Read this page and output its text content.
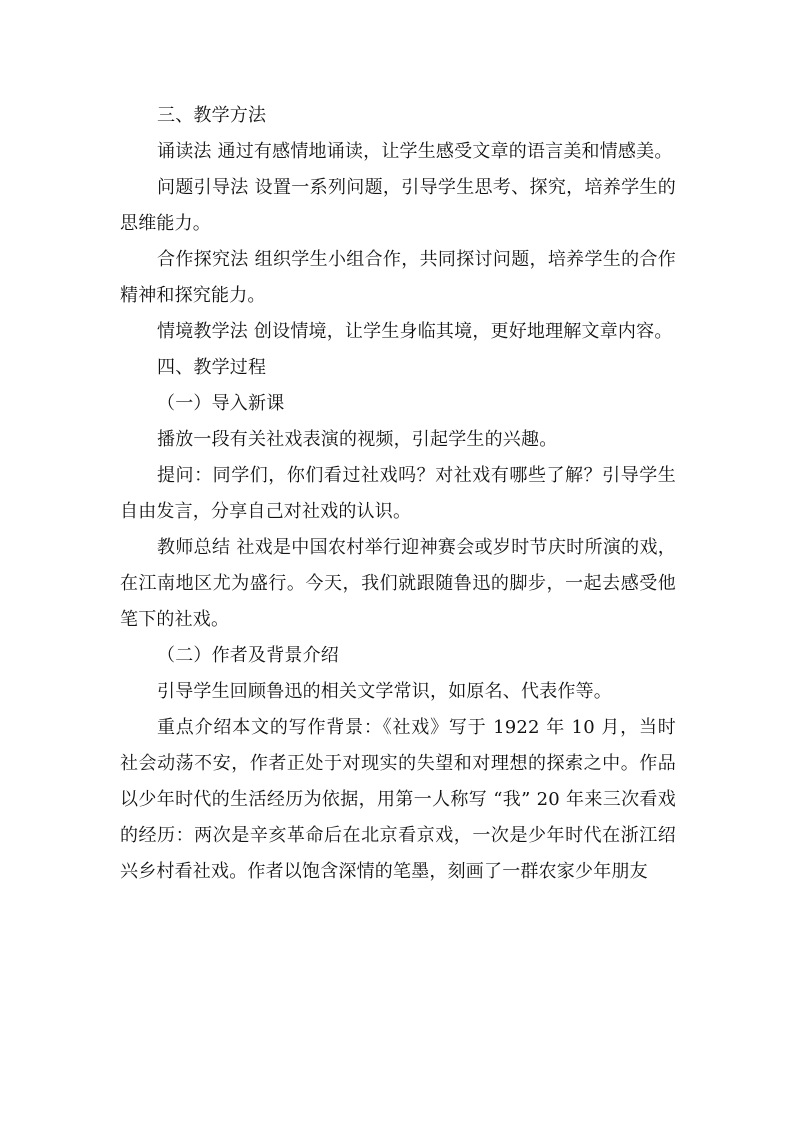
三、教学方法

诵读法 通过有感情地诵读，让学生感受文章的语言美和情感美。

问题引导法 设置一系列问题，引导学生思考、探究，培养学生的思维能力。

合作探究法 组织学生小组合作，共同探讨问题，培养学生的合作精神和探究能力。

情境教学法 创设情境，让学生身临其境，更好地理解文章内容。

四、教学过程

（一）导入新课

播放一段有关社戏表演的视频，引起学生的兴趣。

提问：同学们，你们看过社戏吗？对社戏有哪些了解？引导学生自由发言，分享自己对社戏的认识。

教师总结 社戏是中国农村举行迎神赛会或岁时节庆时所演的戏，在江南地区尤为盛行。今天，我们就跟随鲁迅的脚步，一起去感受他笔下的社戏。

（二）作者及背景介绍

引导学生回顾鲁迅的相关文学常识，如原名、代表作等。

重点介绍本文的写作背景：《社戏》写于 1922 年 10 月，当时社会动荡不安，作者正处于对现实的失望和对理想的探索之中。作品以少年时代的生活经历为依据，用第一人称写 “我” 20 年来三次看戏的经历：两次是辛亥革命后在北京看京戏，一次是少年时代在浙江绍兴乡村看社戏。作者以饱含深情的笔墨，刻画了一群农家少年朋友
